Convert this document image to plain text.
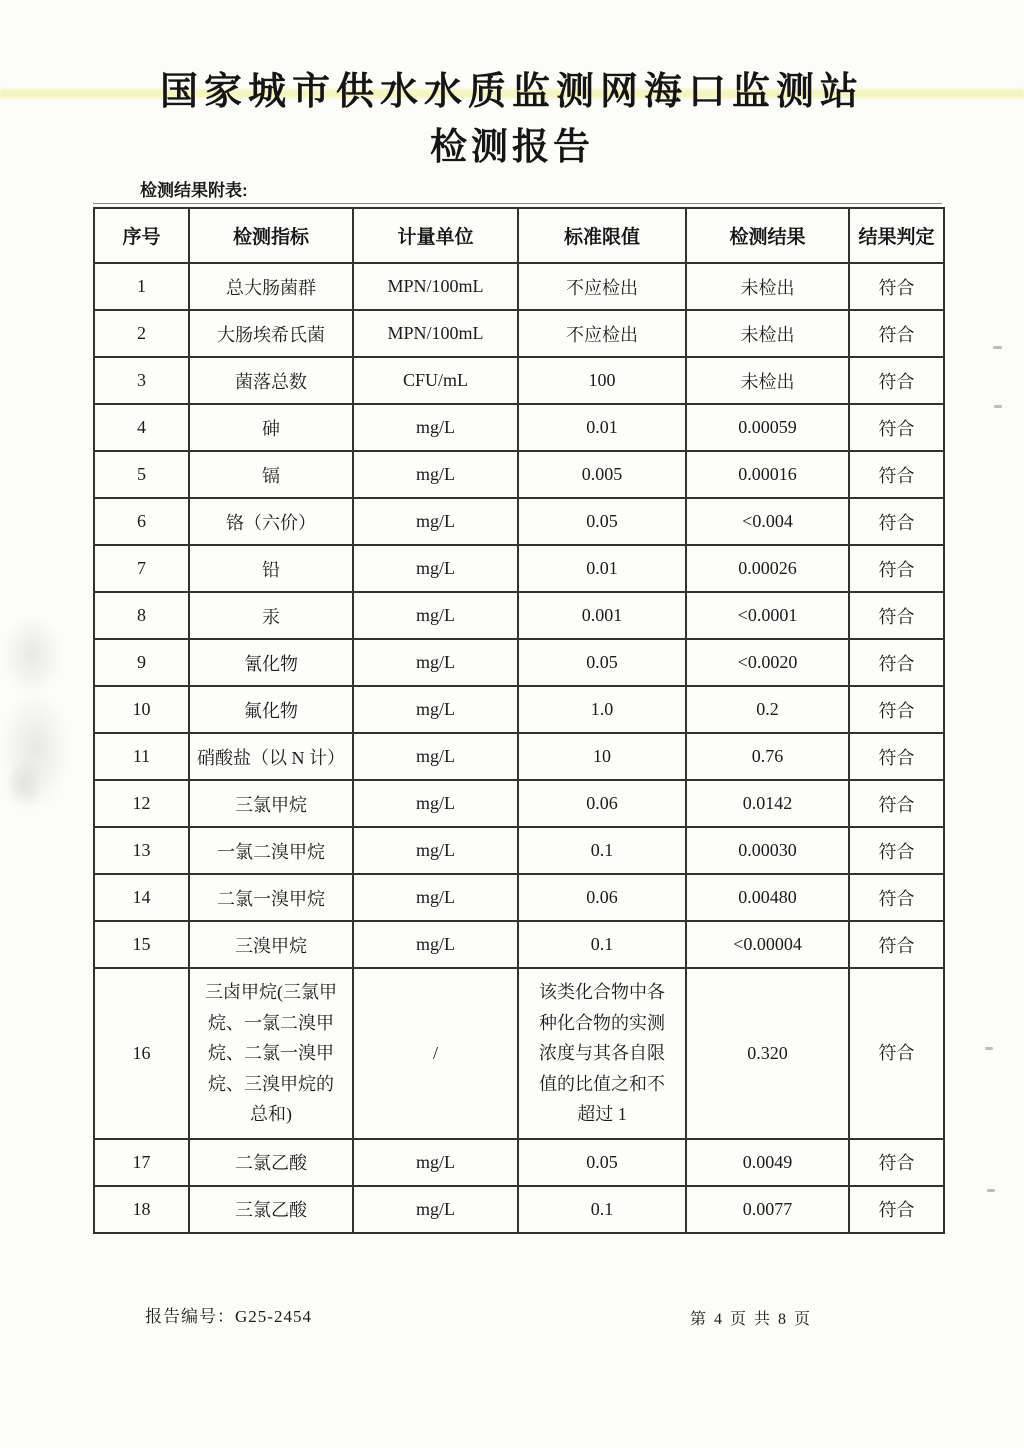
国家城市供水水质监测网海口监测站
检测报告
检测结果附表:
序号	检测指标	计量单位	标准限值	检测结果	结果判定
1	总大肠菌群	MPN/100mL	不应检出	未检出	符合
2	大肠埃希氏菌	MPN/100mL	不应检出	未检出	符合
3	菌落总数	CFU/mL	100	未检出	符合
4	砷	mg/L	0.01	0.00059	符合
5	镉	mg/L	0.005	0.00016	符合
6	铬（六价）	mg/L	0.05	<0.004	符合
7	铅	mg/L	0.01	0.00026	符合
8	汞	mg/L	0.001	<0.0001	符合
9	氰化物	mg/L	0.05	<0.0020	符合
10	氟化物	mg/L	1.0	0.2	符合
11	硝酸盐（以 N 计）	mg/L	10	0.76	符合
12	三氯甲烷	mg/L	0.06	0.0142	符合
13	一氯二溴甲烷	mg/L	0.1	0.00030	符合
14	二氯一溴甲烷	mg/L	0.06	0.00480	符合
15	三溴甲烷	mg/L	0.1	<0.00004	符合
16	三卤甲烷(三氯甲烷、一氯二溴甲烷、二氯一溴甲烷、三溴甲烷的总和)	/	该类化合物中各种化合物的实测浓度与其各自限值的比值之和不超过 1	0.320	符合
17	二氯乙酸	mg/L	0.05	0.0049	符合
18	三氯乙酸	mg/L	0.1	0.0077	符合
报告编号：G25-2454	第 4 页 共 8 页
